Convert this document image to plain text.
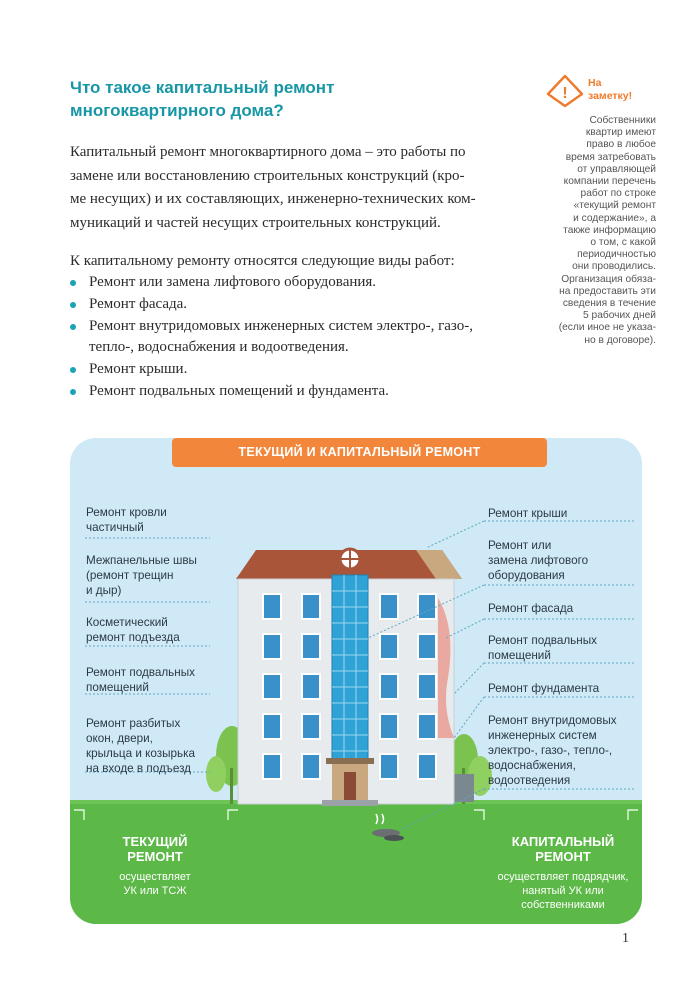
Что такое капитальный ремонт
многоквартирного дома?
Капитальный ремонт многоквартирного дома – это работы по
замене или восстановлению строительных конструкций (кро-
ме несущих) и их составляющих, инженерно-технических ком-
муникаций и частей несущих строительных конструкций.
К капитальному ремонту относятся следующие виды работ:
Ремонт или замена лифтового оборудования.
Ремонт фасада.
Ремонт внутридомовых инженерных систем электро-, газо-,
тепло-, водоснабжения и водоотведения.
Ремонт крыши.
Ремонт подвальных помещений и фундамента.
!
На
заметку!
Собственники
квартир имеют
право в любое
время затребовать
от управляющей
компании перечень
работ по строке
«текущий ремонт
и содержание», а
также информацию
о том, с какой
периодичностью
они проводились.
Организация обяза-
на предоставить эти
сведения в течение
5 рабочих дней
(если иное не указа-
но в договоре).
ТЕКУЩИЙ И КАПИТАЛЬНЫЙ РЕМОНТ
Ремонт кровли
частичный
Межпанельные швы
(ремонт трещин
и дыр)
Косметический
ремонт подъезда
Ремонт подвальных
помещений
Ремонт разбитых
окон, двери,
крыльца и козырька
на входе в подъезд
Ремонт крыши
Ремонт или
замена лифтового
оборудования
Ремонт фасада
Ремонт подвальных
помещений
Ремонт фундамента
Ремонт внутридомовых
инженерных систем
электро-, газо-, тепло-,
водоснабжения,
водоотведения
ТЕКУЩИЙ
РЕМОНТ
осуществляет
УК или ТСЖ
КАПИТАЛЬНЫЙ
РЕМОНТ
осуществляет подрядчик,
нанятый УК или
собственниками
1
